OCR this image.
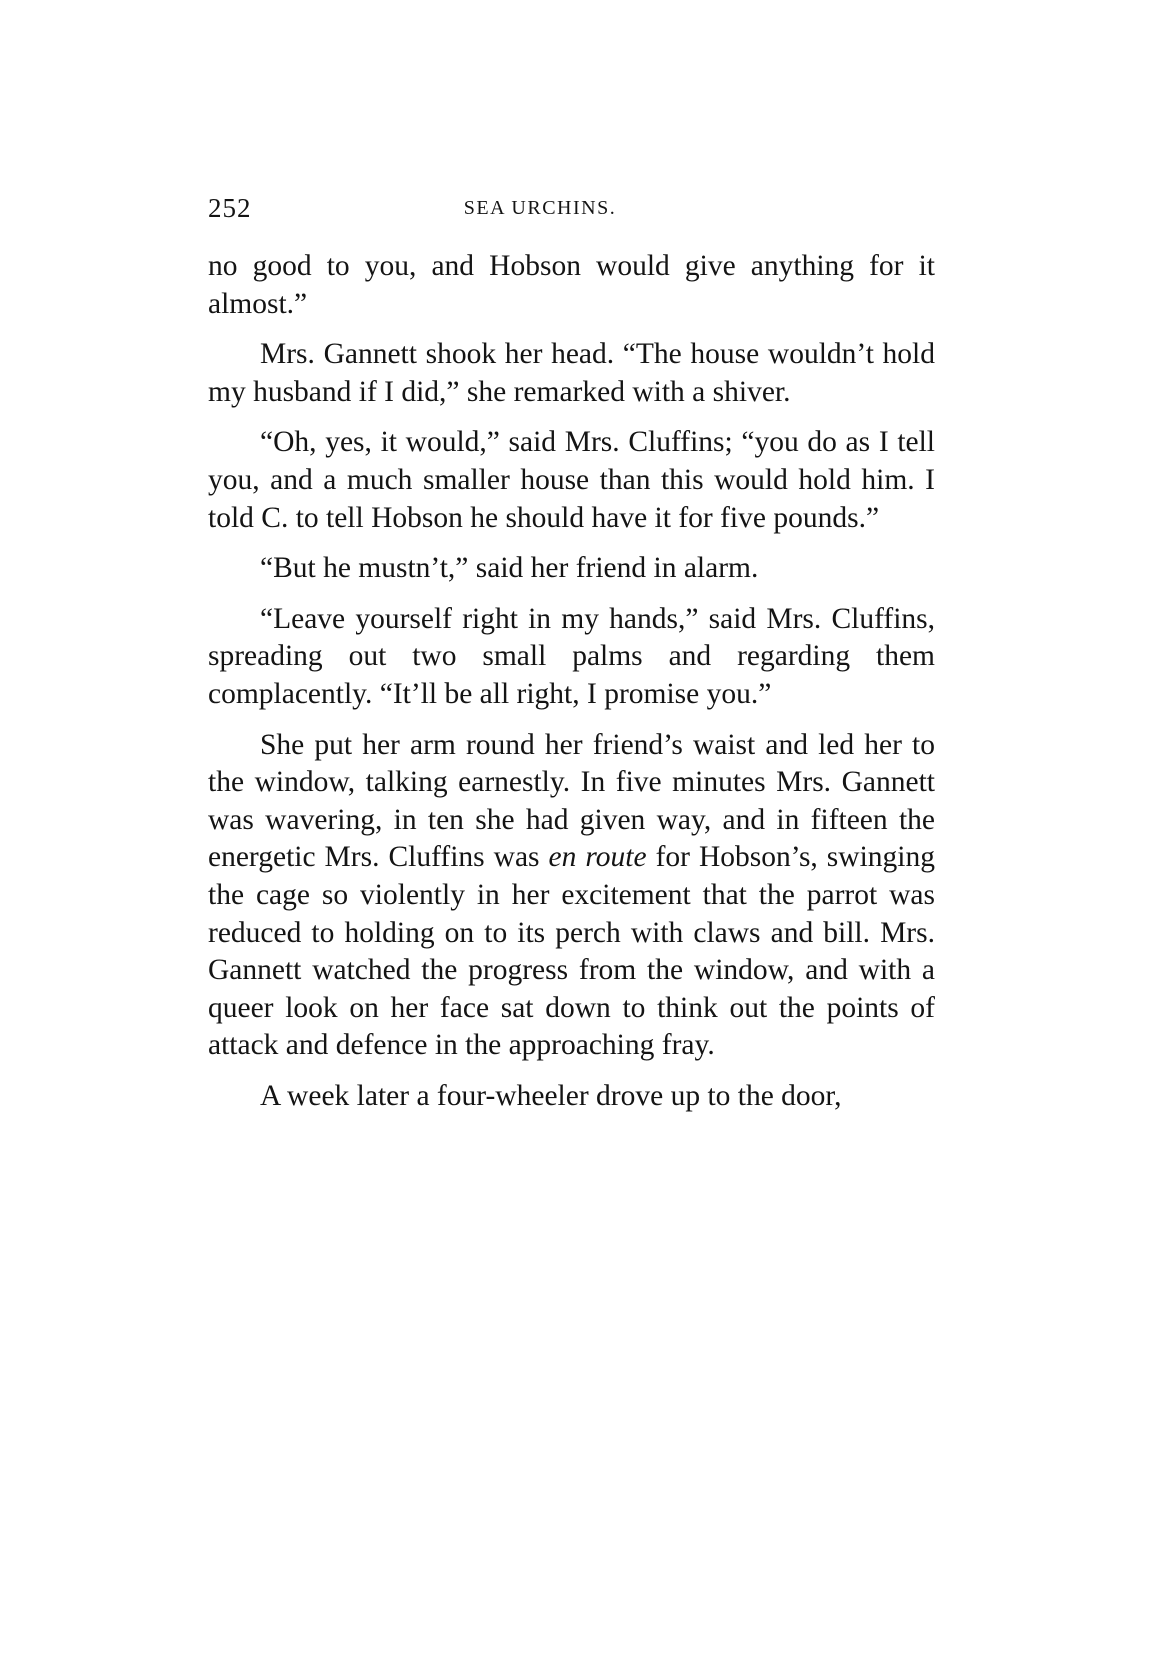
252	SEA URCHINS.

no good to you, and Hobson would give anything for it almost.”

Mrs. Gannett shook her head. “The house wouldn’t hold my husband if I did,” she remarked with a shiver.

“Oh, yes, it would,” said Mrs. Cluffins; “you do as I tell you, and a much smaller house than this would hold him. I told C. to tell Hobson he should have it for five pounds.”

“But he mustn’t,” said her friend in alarm.

“Leave yourself right in my hands,” said Mrs. Cluffins, spreading out two small palms and regarding them complacently. “It’ll be all right, I promise you.”

She put her arm round her friend’s waist and led her to the window, talking earnestly. In five minutes Mrs. Gannett was wavering, in ten she had given way, and in fifteen the energetic Mrs. Cluffins was en route for Hobson’s, swinging the cage so violently in her excitement that the parrot was reduced to holding on to its perch with claws and bill. Mrs. Gannett watched the progress from the window, and with a queer look on her face sat down to think out the points of attack and defence in the approaching fray.

A week later a four-wheeler drove up to the door,
